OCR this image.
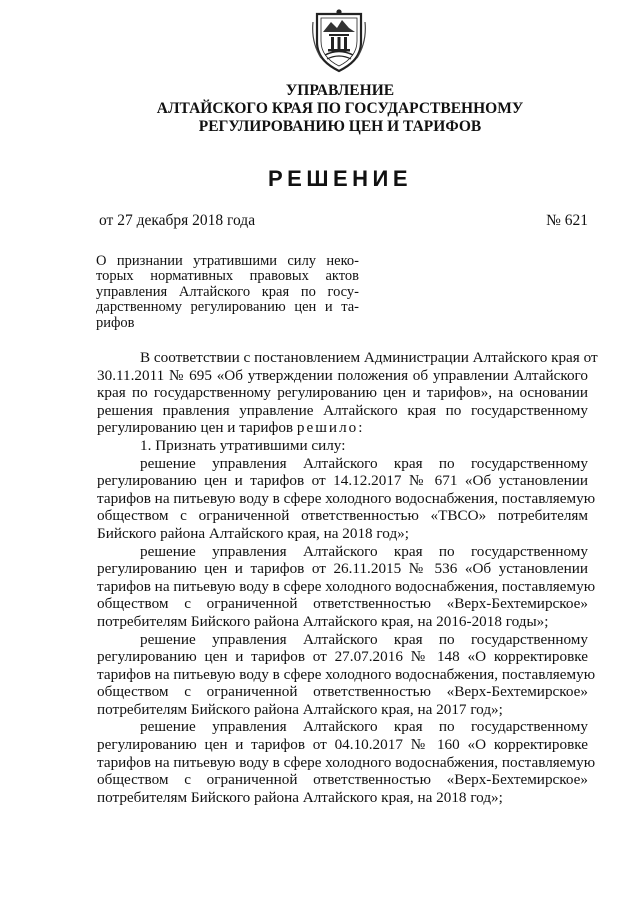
УПРАВЛЕНИЕ
АЛТАЙСКОГО КРАЯ ПО ГОСУДАРСТВЕННОМУ
РЕГУЛИРОВАНИЮ ЦЕН И ТАРИФОВ
РЕШЕНИЕ
от 27 декабря 2018 года	№ 621
О признании утратившими силу неко-
торых нормативных правовых актов
управления Алтайского края по госу-
дарственному регулированию цен и та-
рифов
В соответствии с постановлением Администрации Алтайского края от
30.11.2011 № 695 «Об утверждении положения об управлении Алтайского
края по государственному регулированию цен и тарифов», на основании
решения правления управление Алтайского края по государственному
регулированию цен и тарифов решило:
1. Признать утратившими силу:
решение управления Алтайского края по государственному
регулированию цен и тарифов от 14.12.2017 № 671 «Об установлении
тарифов на питьевую воду в сфере холодного водоснабжения, поставляемую
обществом с ограниченной ответственностью «ТВСО» потребителям
Бийского района Алтайского края, на 2018 год»;
решение управления Алтайского края по государственному
регулированию цен и тарифов от 26.11.2015 № 536 «Об установлении
тарифов на питьевую воду в сфере холодного водоснабжения, поставляемую
обществом с ограниченной ответственностью «Верх-Бехтемирское»
потребителям Бийского района Алтайского края, на 2016-2018 годы»;
решение управления Алтайского края по государственному
регулированию цен и тарифов от 27.07.2016 № 148 «О корректировке
тарифов на питьевую воду в сфере холодного водоснабжения, поставляемую
обществом с ограниченной ответственностью «Верх-Бехтемирское»
потребителям Бийского района Алтайского края, на 2017 год»;
решение управления Алтайского края по государственному
регулированию цен и тарифов от 04.10.2017 № 160 «О корректировке
тарифов на питьевую воду в сфере холодного водоснабжения, поставляемую
обществом с ограниченной ответственностью «Верх-Бехтемирское»
потребителям Бийского района Алтайского края, на 2018 год»;
